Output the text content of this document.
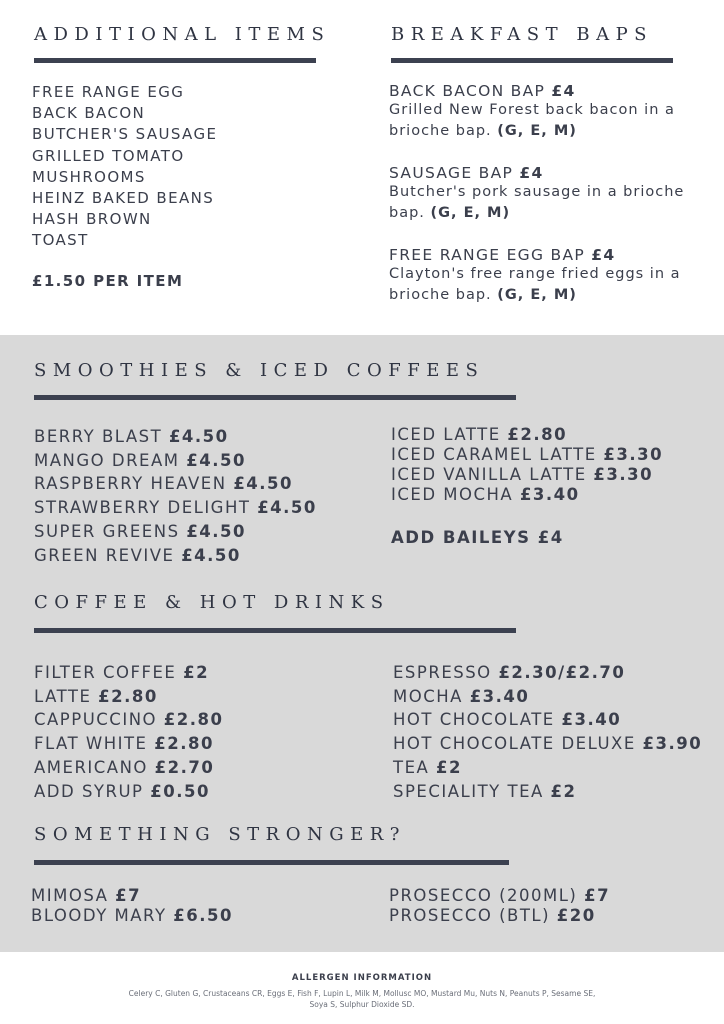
ADDITIONAL ITEMS
FREE RANGE EGG
BACK BACON
BUTCHER'S SAUSAGE
GRILLED TOMATO
MUSHROOMS
HEINZ BAKED BEANS
HASH BROWN
TOAST
£1.50 PER ITEM
BREAKFAST BAPS
BACK BACON BAP £4
Grilled New Forest back bacon in a brioche bap. (G, E, M)
SAUSAGE BAP £4
Butcher's pork sausage in a brioche bap. (G, E, M)
FREE RANGE EGG BAP £4
Clayton's free range fried eggs in a brioche bap. (G, E, M)
SMOOTHIES & ICED COFFEES
BERRY BLAST £4.50
MANGO DREAM £4.50
RASPBERRY HEAVEN £4.50
STRAWBERRY DELIGHT £4.50
SUPER GREENS £4.50
GREEN REVIVE £4.50
ICED LATTE £2.80
ICED CARAMEL LATTE £3.30
ICED VANILLA LATTE £3.30
ICED MOCHA £3.40
ADD BAILEYS £4
COFFEE & HOT DRINKS
FILTER COFFEE £2
LATTE £2.80
CAPPUCCINO £2.80
FLAT WHITE £2.80
AMERICANO £2.70
ADD SYRUP £0.50
ESPRESSO £2.30/£2.70
MOCHA £3.40
HOT CHOCOLATE £3.40
HOT CHOCOLATE DELUXE £3.90
TEA £2
SPECIALITY TEA £2
SOMETHING STRONGER?
MIMOSA £7
BLOODY MARY £6.50
PROSECCO (200ML) £7
PROSECCO (BTL) £20
ALLERGEN INFORMATION
Celery C, Gluten G, Crustaceans CR, Eggs E, Fish F, Lupin L, Milk M, Mollusc MO, Mustard Mu, Nuts N, Peanuts P, Sesame SE, Soya S, Sulphur Dioxide SD.
